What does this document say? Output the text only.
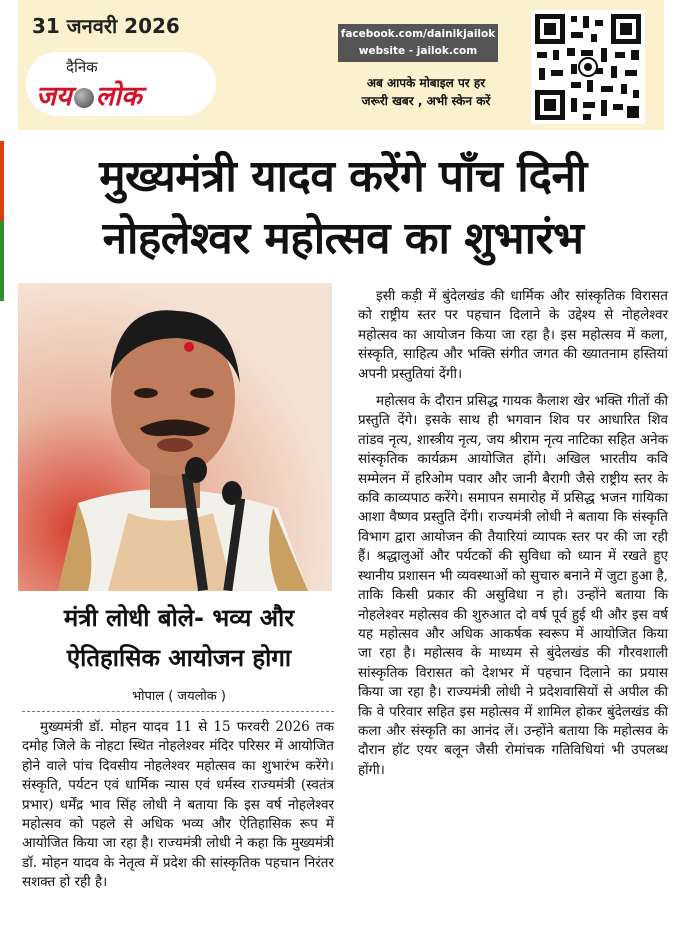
31 जनवरी 2026
दैनिक
जय लोक
facebook.com/dainikjailok
website - jailok.com
अब आपके मोबाइल पर हर
जरूरी खबर , अभी स्केन करें
मुख्यमंत्री यादव करेंगे पाँच दिनी
नोहलेश्वर महोत्सव का शुभारंभ
मंत्री लोधी बोले- भव्य और
ऐतिहासिक आयोजन होगा
भोपाल ( जयलोक )

मुख्यमंत्री डॉ. मोहन यादव 11 से 15 फरवरी 2026 तक दमोह जिले के नोहटा स्थित नोहलेश्वर मंदिर परिसर में आयोजित होने वाले पांच दिवसीय नोहलेश्वर महोत्सव का शुभारंभ करेंगे। संस्कृति, पर्यटन एवं धार्मिक न्यास एवं धर्मस्व राज्यमंत्री (स्वतंत्र प्रभार) धर्मेंद्र भाव सिंह लोधी ने बताया कि इस वर्ष नोहलेश्वर महोत्सव को पहले से अधिक भव्य और ऐतिहासिक रूप में आयोजित किया जा रहा है। राज्यमंत्री लोधी ने कहा कि मुख्यमंत्री डॉ. मोहन यादव के नेतृत्व में प्रदेश की सांस्कृतिक पहचान निरंतर सशक्त हो रही है।

इसी कड़ी में बुंदेलखंड की धार्मिक और सांस्कृतिक विरासत को राष्ट्रीय स्तर पर पहचान दिलाने के उद्देश्य से नोहलेश्वर महोत्सव का आयोजन किया जा रहा है। इस महोत्सव में कला, संस्कृति, साहित्य और भक्ति संगीत जगत की ख्यातनाम हस्तियां अपनी प्रस्तुतियां देंगी।

महोत्सव के दौरान प्रसिद्ध गायक कैलाश खेर भक्ति गीतों की प्रस्तुति देंगे। इसके साथ ही भगवान शिव पर आधारित शिव तांडव नृत्य, शास्त्रीय नृत्य, जय श्रीराम नृत्य नाटिका सहित अनेक सांस्कृतिक कार्यक्रम आयोजित होंगे। अखिल भारतीय कवि सम्मेलन में हरिओम पवार और जानी बैरागी जैसे राष्ट्रीय स्तर के कवि काव्यपाठ करेंगे। समापन समारोह में प्रसिद्ध भजन गायिका आशा वैष्णव प्रस्तुति देंगी। राज्यमंत्री लोधी ने बताया कि संस्कृति विभाग द्वारा आयोजन की तैयारियां व्यापक स्तर पर की जा रही हैं। श्रद्धालुओं और पर्यटकों की सुविधा को ध्यान में रखते हुए स्थानीय प्रशासन भी व्यवस्थाओं को सुचारु बनाने में जुटा हुआ है, ताकि किसी प्रकार की असुविधा न हो। उन्होंने बताया कि नोहलेश्वर महोत्सव की शुरुआत दो वर्ष पूर्व हुई थी और इस वर्ष यह महोत्सव और अधिक आकर्षक स्वरूप में आयोजित किया जा रहा है। महोत्सव के माध्यम से बुंदेलखंड की गौरवशाली सांस्कृतिक विरासत को देशभर में पहचान दिलाने का प्रयास किया जा रहा है। राज्यमंत्री लोधी ने प्रदेशवासियों से अपील की कि वे परिवार सहित इस महोत्सव में शामिल होकर बुंदेलखंड की कला और संस्कृति का आनंद लें। उन्होंने बताया कि महोत्सव के दौरान हॉट एयर बलून जैसी रोमांचक गतिविधियां भी उपलब्ध होंगी।
